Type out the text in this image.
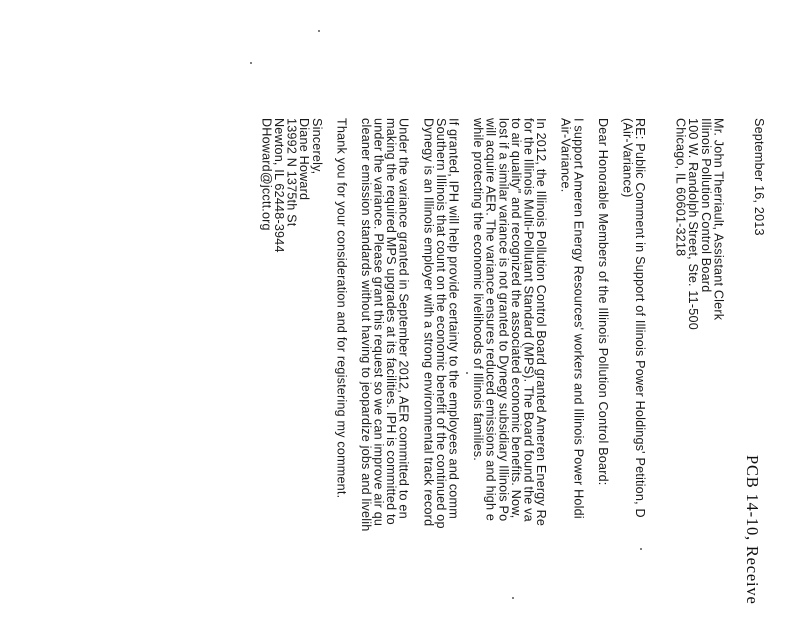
PCB 14-10, Receive
September 16, 2013
Mr. John Therriault, Assistant Clerk
Illinois Pollution Control Board
100 W. Randolph Street, Ste. 11-500
Chicago, IL 60601-3218
RE: Public Comment in Support of Illinois Power Holdings' Petition, D
(Air-Variance)
Dear Honorable Members of the Illinois Pollution Control Board:
I support Ameren Energy Resources' workers and Illinois Power Holdi
Air-Variance.
In 2012, the Illinois Pollution Control Board granted Ameren Energy Re
for the Illinois Multi-Pollutant Standard (MPS). The Board found the va
to air quality" and recognized the associated economic benefits. Now,
lost if a similar variance is not granted to Dynegy subsidiary Illinois Po
will acquire AER. The variance ensures reduced emissions and high e
while protecting the economic livelihoods of Illinois families.
If granted, IPH will help provide certainty to the employees and comm
Southern Illinois that count on the economic benefit of the continued op
Dynegy is an Illinois employer with a strong environmental track record
Under the variance granted in September 2012, AER committed to en
making the required MPS upgrades at its facilities. IPH is committed to
under the variance. Please grant this request so we can improve air qu
cleaner emission standards without having to jeopardize jobs and livelih
Thank you for your consideration and for registering my comment.
Sincerely,
Diane Howard
13992 N 1375th St
Newton, IL 62448-3944
DHoward@jcctt.org
